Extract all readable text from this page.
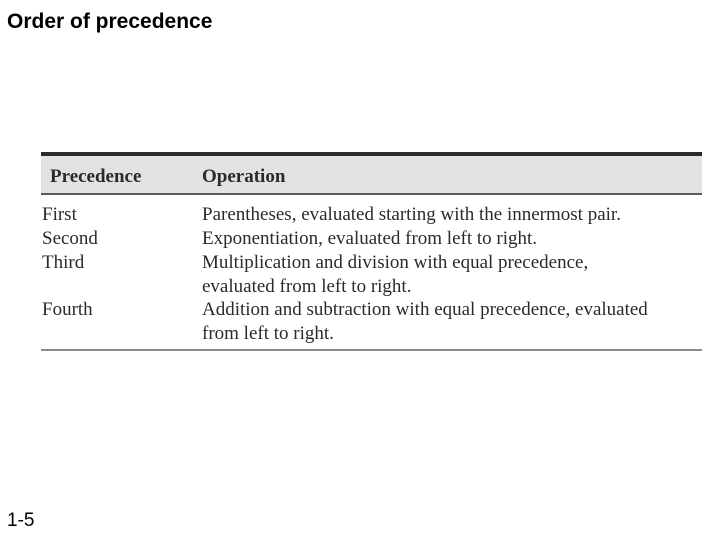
Order of precedence
Precedence	Operation
First	Parentheses, evaluated starting with the innermost pair.
Second	Exponentiation, evaluated from left to right.
Third	Multiplication and division with equal precedence,
evaluated from left to right.
Fourth	Addition and subtraction with equal precedence, evaluated
from left to right.
1-5
